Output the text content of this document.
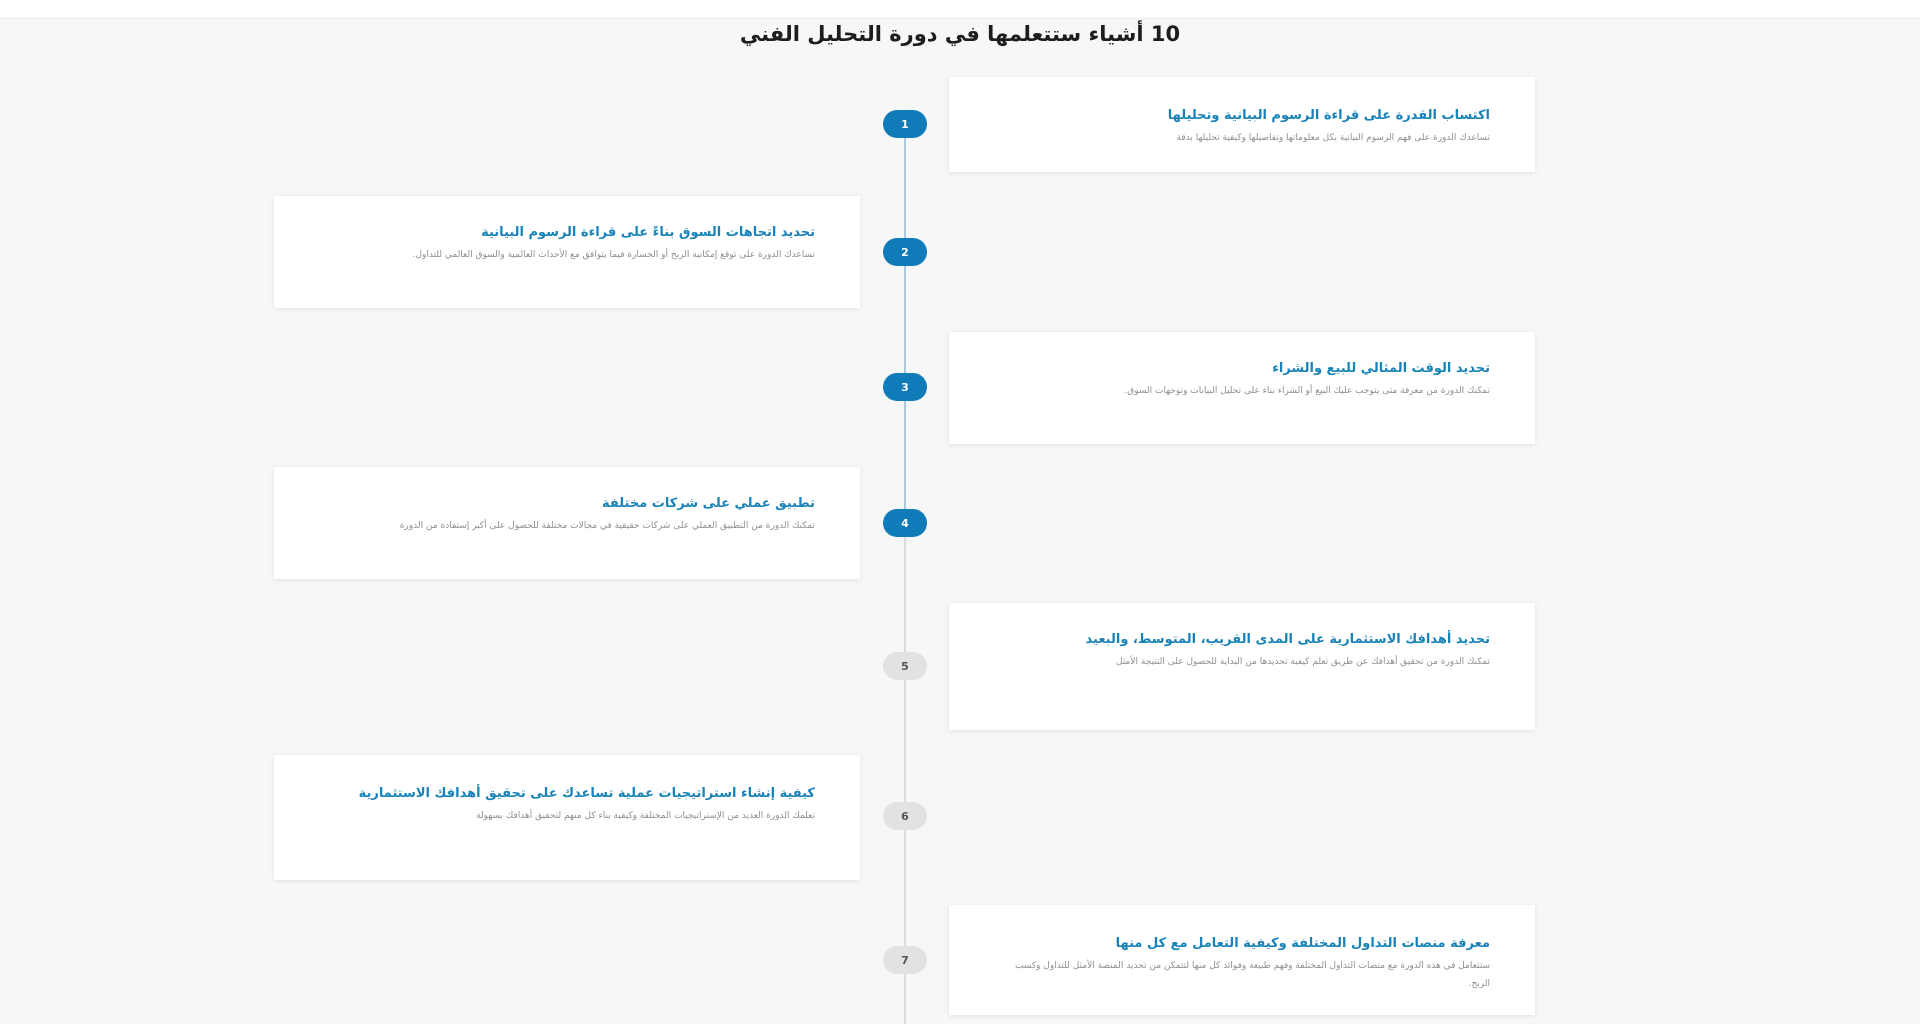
10 أشياء ستتعلمها في دورة التحليل الفني
1
اكتساب القدرة على قراءة الرسوم البيانية وتحليلها
تساعدك الدورة على فهم الرسوم البيانية بكل معلوماتها وتفاصيلها وكيفية تحليلها بدقة
2
تحديد اتجاهات السوق بناءً على قراءة الرسوم البيانية
تساعدك الدورة على توقع إمكانية الربح أو الخسارة فيما يتوافق مع الأحداث العالمية والسوق العالمي للتداول.
3
تحديد الوقت المثالي للبيع والشراء
تمكنك الدورة من معرفة متى يتوجب عليك البيع أو الشراء بناء على تحليل البيانات وتوجهات السوق.
4
تطبيق عملي على شركات مختلفة
تمكنك الدورة من التطبيق العملي على شركات حقيقية في مجالات مختلفة للحصول على أكبر إستفادة من الدورة
5
تحديد أهدافك الاستثمارية على المدى القريب، المتوسط، والبعيد
تمكنك الدورة من تحقيق أهدافك عن طريق تعلم كيفية تحديدها من البداية للحصول على النتيجة الأمثل
6
كيفية إنشاء استراتيجيات عملية تساعدك على تحقيق أهدافك الاستثمارية
تعلمك الدورة العديد من الإستراتيجيات المختلفة وكيفية بناء كل منهم لتحقيق أهدافك بسهولة
7
معرفة منصات التداول المختلفة وكيفية التعامل مع كل منها
ستتعامل في هذه الدورة مع منصات التداول المختلفة وفهم طبيعة وفوائد كل منها لتتمكن من تحديد المنصة الأمثل للتداول وكسب الربح.
